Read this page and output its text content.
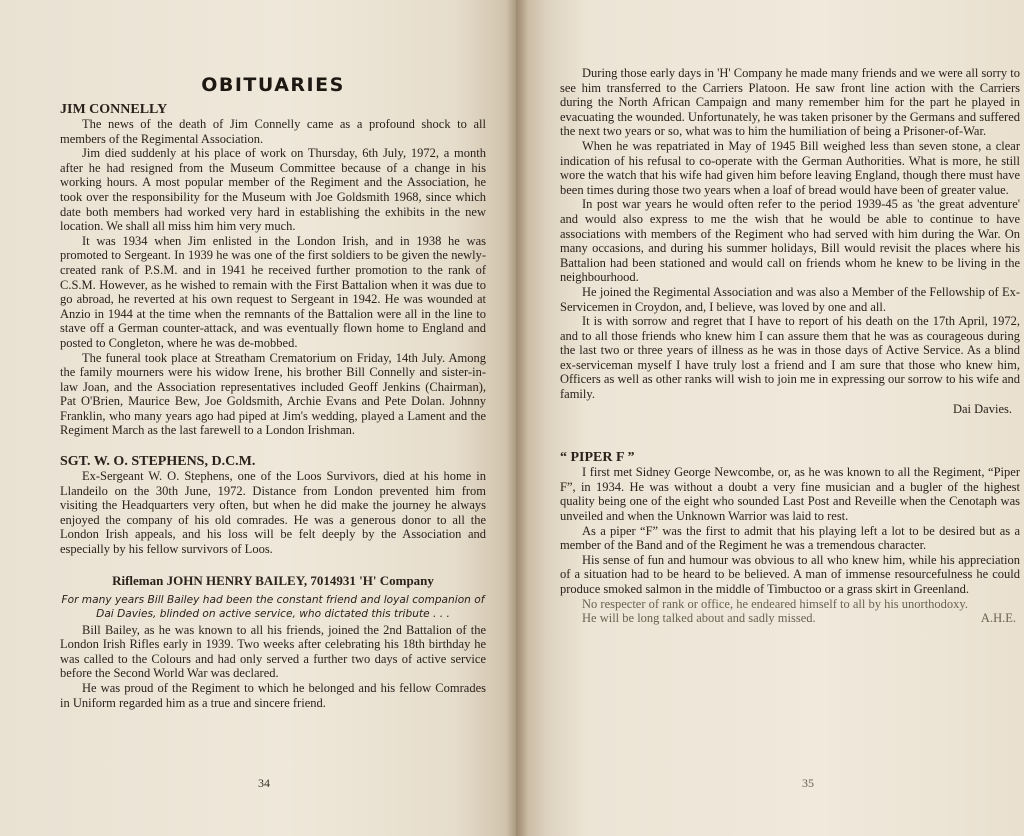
OBITUARIES
JIM CONNELLY

The news of the death of Jim Connelly came as a profound shock to all members of the Regimental Association.

Jim died suddenly at his place of work on Thursday, 6th July, 1972, a month after he had resigned from the Museum Committee because of a change in his working hours. A most popular member of the Regiment and the Association, he took over the responsibility for the Museum with Joe Goldsmith 1968, since which date both members had worked very hard in establishing the exhibits in the new location. We shall all miss him him very much.

It was 1934 when Jim enlisted in the London Irish, and in 1938 he was promoted to Sergeant. In 1939 he was one of the first soldiers to be given the newly-created rank of P.S.M. and in 1941 he received further promotion to the rank of C.S.M. However, as he wished to remain with the First Battalion when it was due to go abroad, he reverted at his own request to Sergeant in 1942. He was wounded at Anzio in 1944 at the time when the remnants of the Battalion were all in the line to stave off a German counter-attack, and was eventually flown home to England and posted to Congleton, where he was de-mobbed.

The funeral took place at Streatham Crematorium on Friday, 14th July. Among the family mourners were his widow Irene, his brother Bill Connelly and sister-in-law Joan, and the Association representatives included Geoff Jenkins (Chairman), Pat O'Brien, Maurice Bew, Joe Goldsmith, Archie Evans and Pete Dolan. Johnny Franklin, who many years ago had piped at Jim's wedding, played a Lament and the Regiment March as the last farewell to a London Irishman.

SGT. W. O. STEPHENS, D.C.M.

Ex-Sergeant W. O. Stephens, one of the Loos Survivors, died at his home in Llandeilo on the 30th June, 1972. Distance from London prevented him from visiting the Headquarters very often, but when he did make the journey he always enjoyed the company of his old comrades. He was a generous donor to all the London Irish appeals, and his loss will be felt deeply by the Association and especially by his fellow survivors of Loos.

Rifleman JOHN HENRY BAILEY, 7014931 'H' Company
For many years Bill Bailey had been the constant friend and loyal companion of Dai Davies, blinded on active service, who dictated this tribute . . .

Bill Bailey, as he was known to all his friends, joined the 2nd Battalion of the London Irish Rifles early in 1939. Two weeks after celebrating his 18th birthday he was called to the Colours and had only served a further two days of active service before the Second World War was declared.

He was proud of the Regiment to which he belonged and his fellow Comrades in Uniform regarded him as a true and sincere friend.

34

During those early days in 'H' Company he made many friends and we were all sorry to see him transferred to the Carriers Platoon. He saw front line action with the Carriers during the North African Campaign and many remember him for the part he played in evacuating the wounded. Unfortunately, he was taken prisoner by the Germans and suffered the next two years or so, what was to him the humiliation of being a Prisoner-of-War.

When he was repatriated in May of 1945 Bill weighed less than seven stone, a clear indication of his refusal to co-operate with the German Authorities. What is more, he still wore the watch that his wife had given him before leaving England, though there must have been times during those two years when a loaf of bread would have been of greater value.

In post war years he would often refer to the period 1939-45 as 'the great adventure' and would also express to me the wish that he would be able to continue to have associations with members of the Regiment who had served with him during the War. On many occasions, and during his summer holidays, Bill would revisit the places where his Battalion had been stationed and would call on friends whom he knew to be living in the neighbourhood.

He joined the Regimental Association and was also a Member of the Fellowship of Ex-Servicemen in Croydon, and, I believe, was loved by one and all.

It is with sorrow and regret that I have to report of his death on the 17th April, 1972, and to all those friends who knew him I can assure them that he was as courageous during the last two or three years of illness as he was in those days of Active Service. As a blind ex-serviceman myself I have truly lost a friend and I am sure that those who knew him, Officers as well as other ranks will wish to join me in expressing our sorrow to his wife and family.

Dai Davies.
“ PIPER F ”

I first met Sidney George Newcombe, or, as he was known to all the Regiment, “Piper F”, in 1934. He was without a doubt a very fine musician and a bugler of the highest quality being one of the eight who sounded Last Post and Reveille when the Cenotaph was unveiled and when the Unknown Warrior was laid to rest.

As a piper “F” was the first to admit that his playing left a lot to be desired but as a member of the Band and of the Regiment he was a tremendous character.

His sense of fun and humour was obvious to all who knew him, while his appreciation of a situation had to be heard to be believed. A man of immense resourcefulness he could produce smoked salmon in the middle of Timbuctoo or a grass skirt in Greenland.

No respecter of rank or office, he endeared himself to all by his unorthodoxy.

He will be long talked about and sadly missed.	A.H.E.
35
